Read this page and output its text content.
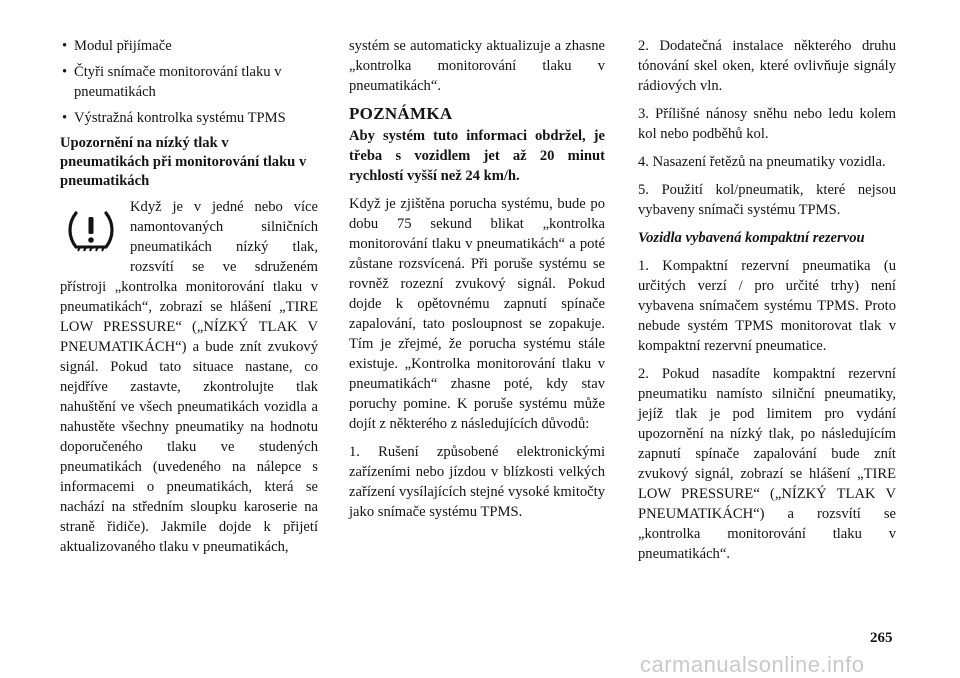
• Modul přijímače
• Čtyři snímače monitorování tlaku v pneumatikách
• Výstražná kontrolka systému TPMS
Upozornění na nízký tlak v pneumatikách při monitorování tlaku v pneumatikách

Když je v jedné nebo více namontovaných silničních pneumatikách nízký tlak, rozsvítí se ve sdruženém přístroji „kontrolka monitorování tlaku v pneumatikách“, zobrazí se hlášení „TIRE LOW PRESSURE“ („NÍZKÝ TLAK V PNEUMATIKÁCH“) a bude znít zvukový signál. Pokud tato situace nastane, co nejdříve zastavte, zkontrolujte tlak nahuštění ve všech pneumatikách vozidla a nahustěte všechny pneumatiky na hodnotu doporučeného tlaku ve studených pneumatikách (uvedeného na nálepce s informacemi o pneumatikách, která se nachází na středním sloupku karoserie na straně řidiče). Jakmile dojde k přijetí aktualizovaného tlaku v pneumatikách,

systém se automaticky aktualizuje a zhasne „kontrolka monitorování tlaku v pneumatikách“.

POZNÁMKA

Aby systém tuto informaci obdržel, je třeba s vozidlem jet až 20 minut rychlostí vyšší než 24 km/h.

Když je zjištěna porucha systému, bude po dobu 75 sekund blikat „kontrolka monitorování tlaku v pneumatikách“ a poté zůstane rozsvícená. Při poruše systému se rovněž rozezní zvukový signál. Pokud dojde k opětovnému zapnutí spínače zapalování, tato posloupnost se zopakuje. Tím je zřejmé, že porucha systému stále existuje. „Kontrolka monitorování tlaku v pneumatikách“ zhasne poté, kdy stav poruchy pomine. K poruše systému může dojít z některého z následujících důvodů:

1. Rušení způsobené elektronickými zařízeními nebo jízdou v blízkosti velkých zařízení vysílajících stejné vysoké kmitočty jako snímače systému TPMS.

2. Dodatečná instalace některého druhu tónování skel oken, které ovlivňuje signály rádiových vln.

3. Přílišné nánosy sněhu nebo ledu kolem kol nebo podběhů kol.

4. Nasazení řetězů na pneumatiky vozidla.

5. Použití kol/pneumatik, které nejsou vybaveny snímači systému TPMS.

Vozidla vybavená kompaktní rezervou

1. Kompaktní rezervní pneumatika (u určitých verzí / pro určité trhy) není vybavena snímačem systému TPMS. Proto nebude systém TPMS monitorovat tlak v kompaktní rezervní pneumatice.

2. Pokud nasadíte kompaktní rezervní pneumatiku namísto silniční pneumatiky, jejíž tlak je pod limitem pro vydání upozornění na nízký tlak, po následujícím zapnutí spínače zapalování bude znít zvukový signál, zobrazí se hlášení „TIRE LOW PRESSURE“ („NÍZKÝ TLAK V PNEUMATIKÁCH“) a rozsvítí se „kontrolka monitorování tlaku v pneumatikách“.

265
carmanualsonline.info
